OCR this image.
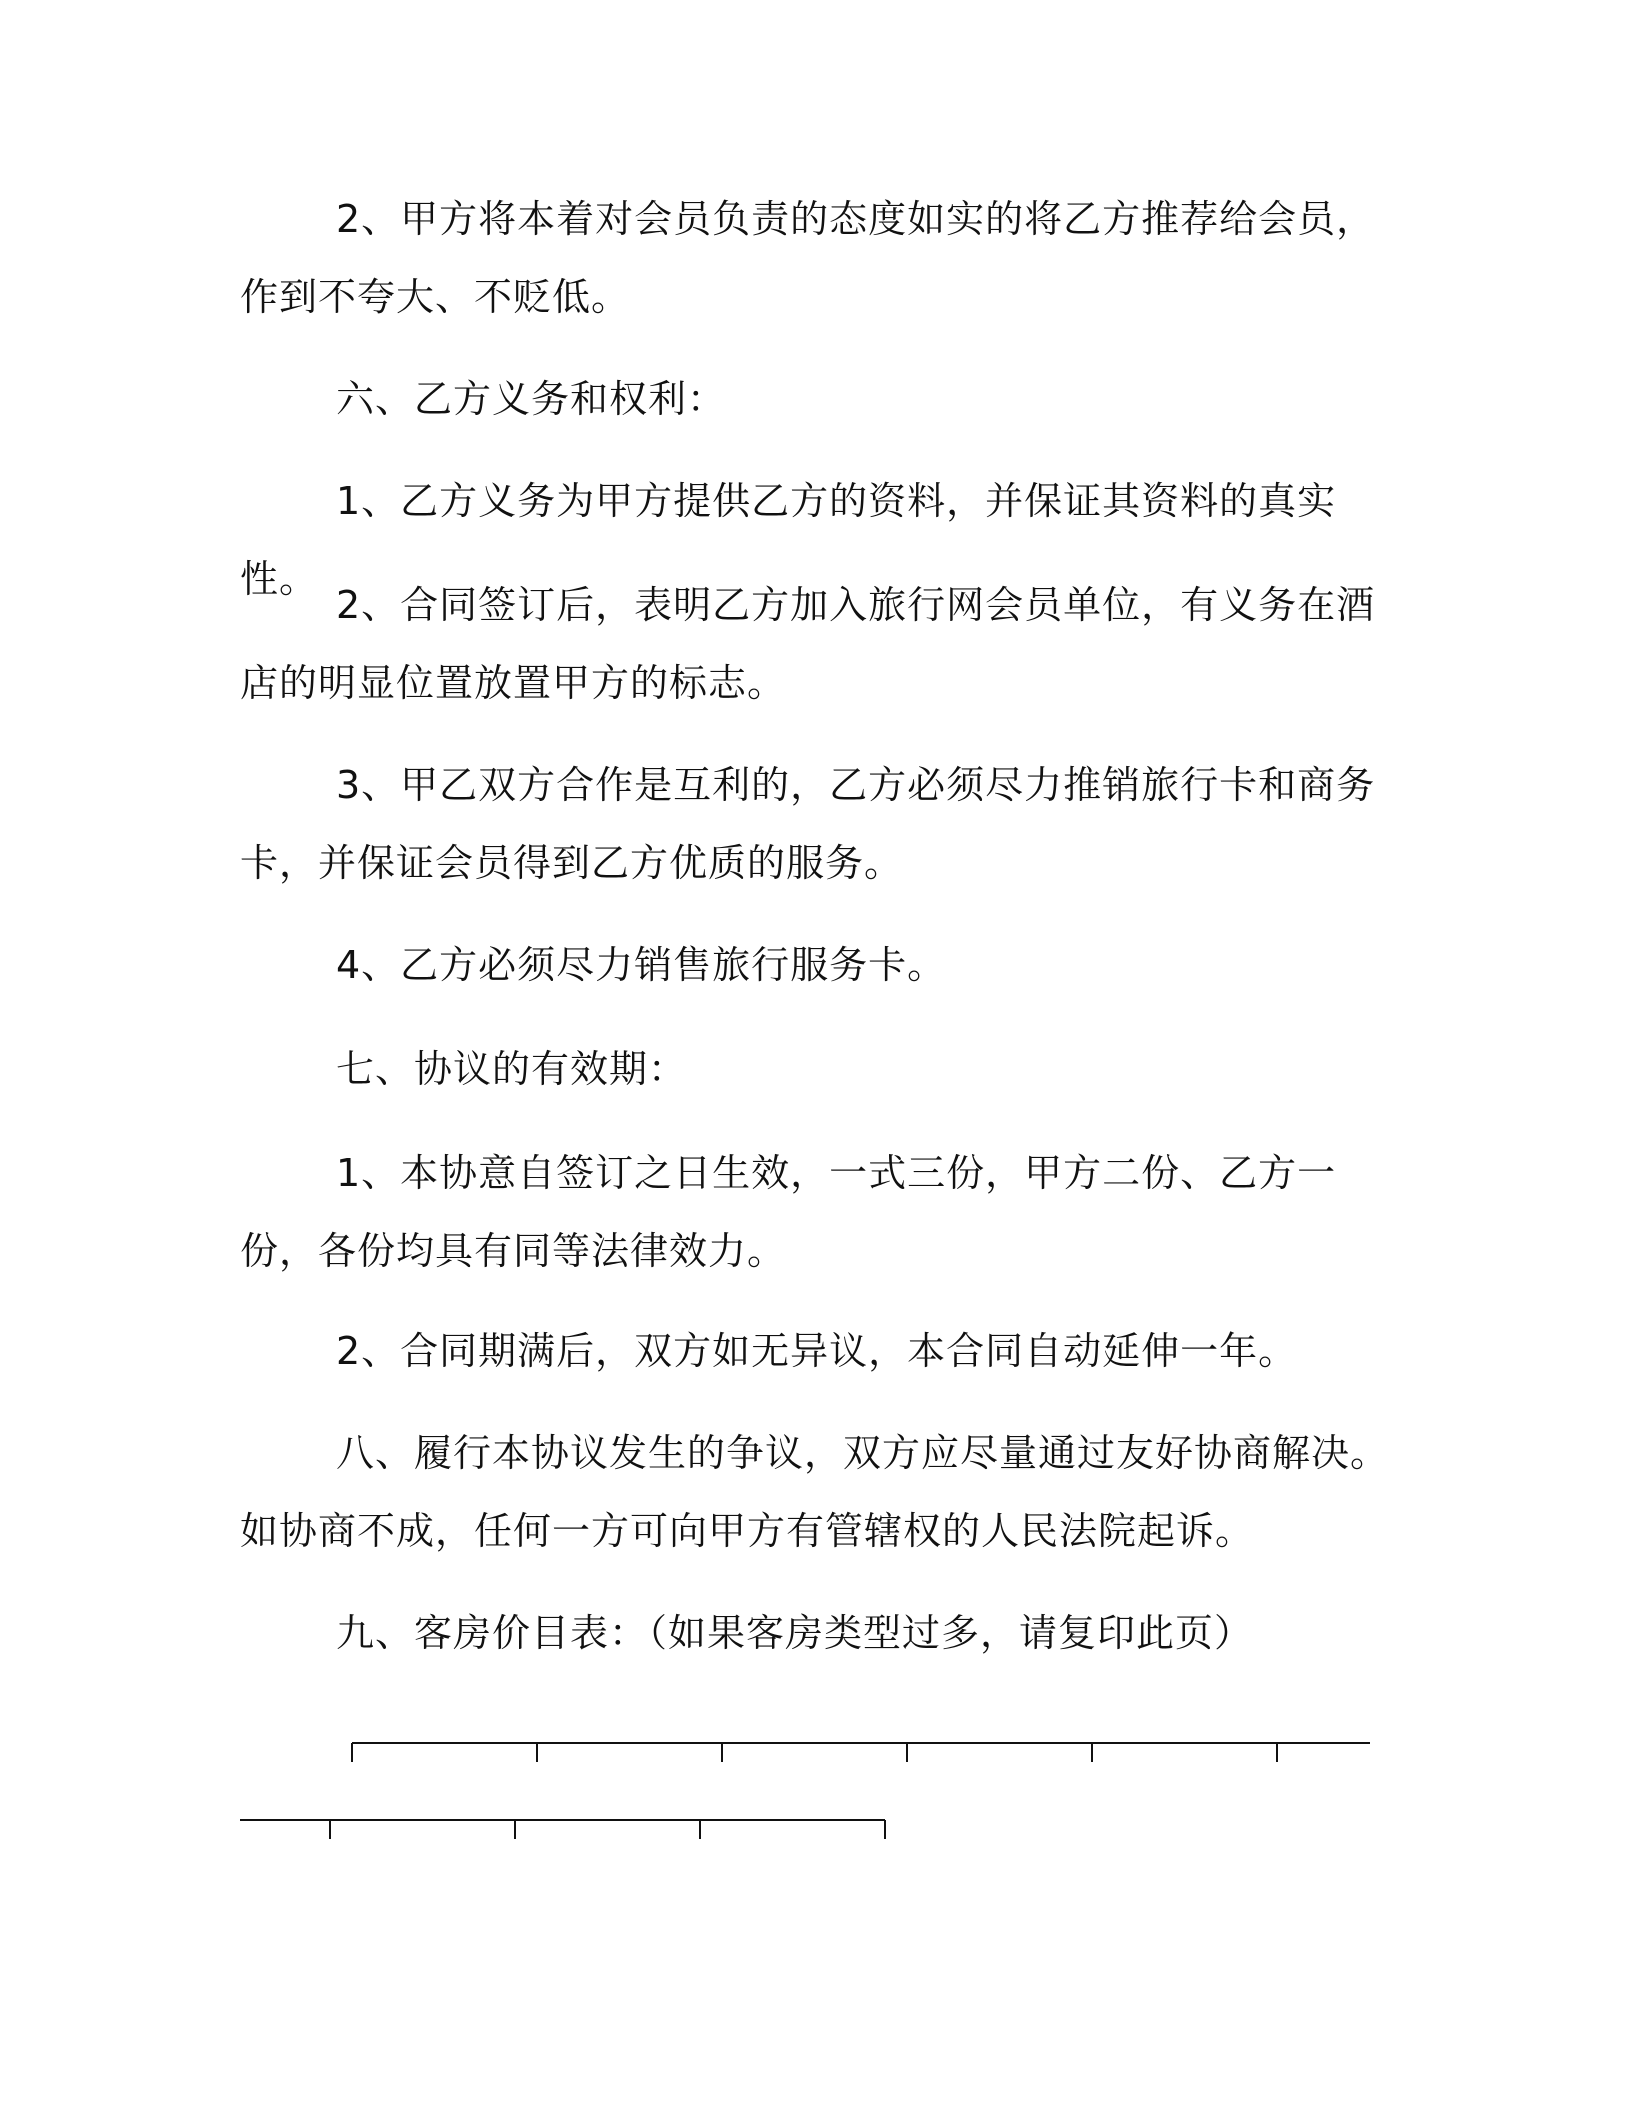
2、甲方将本着对会员负责的态度如实的将乙方推荐给会员，作到不夸大、不贬低。

六、乙方义务和权利：

1、乙方义务为甲方提供乙方的资料，并保证其资料的真实性。

2、合同签订后，表明乙方加入旅行网会员单位，有义务在酒店的明显位置放置甲方的标志。

3、甲乙双方合作是互利的，乙方必须尽力推销旅行卡和商务卡，并保证会员得到乙方优质的服务。

4、乙方必须尽力销售旅行服务卡。

七、协议的有效期：

1、本协意自签订之日生效，一式三份，甲方二份、乙方一份，各份均具有同等法律效力。

2、合同期满后，双方如无异议，本合同自动延伸一年。

八、履行本协议发生的争议，双方应尽量通过友好协商解决。如协商不成，任何一方可向甲方有管辖权的人民法院起诉。

九、客房价目表：（如果客房类型过多，请复印此页）
